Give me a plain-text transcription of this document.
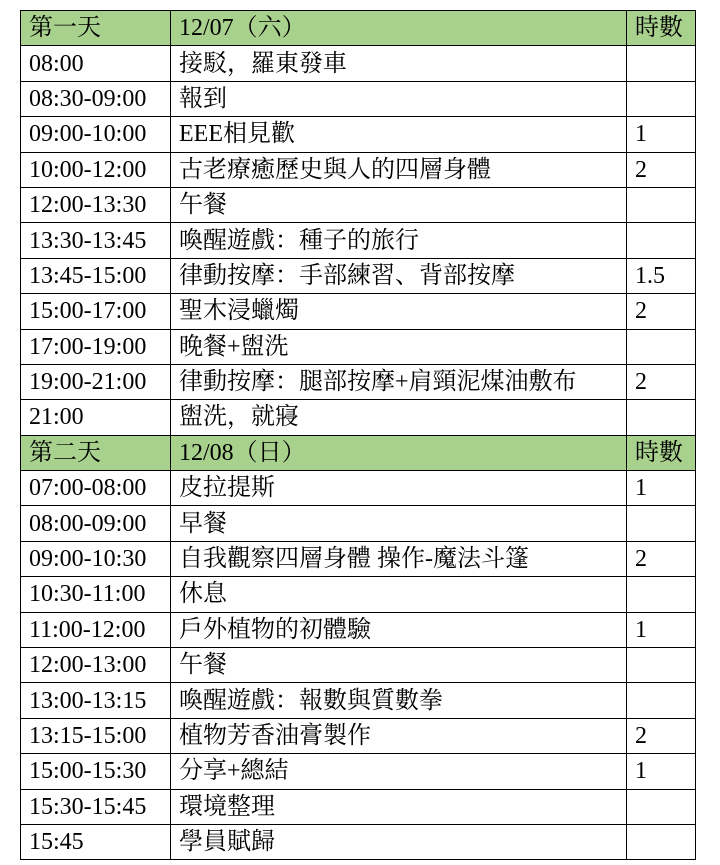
第一天	12/07（六）	時數
08:00	接駁，羅東發車	
08:30-09:00	報到	
09:00-10:00	EEE相見歡	1
10:00-12:00	古老療癒歷史與人的四層身體	2
12:00-13:30	午餐	
13:30-13:45	喚醒遊戲：種子的旅行	
13:45-15:00	律動按摩：手部練習、背部按摩	1.5
15:00-17:00	聖木浸蠟燭	2
17:00-19:00	晚餐+盥洗	
19:00-21:00	律動按摩：腿部按摩+肩頸泥煤油敷布	2
21:00	盥洗，就寢	
第二天	12/08（日）	時數
07:00-08:00	皮拉提斯	1
08:00-09:00	早餐	
09:00-10:30	自我觀察四層身體 操作-魔法斗篷	2
10:30-11:00	休息	
11:00-12:00	戶外植物的初體驗	1
12:00-13:00	午餐	
13:00-13:15	喚醒遊戲：報數與質數拳	
13:15-15:00	植物芳香油膏製作	2
15:00-15:30	分享+總結	1
15:30-15:45	環境整理	
15:45	學員賦歸	
